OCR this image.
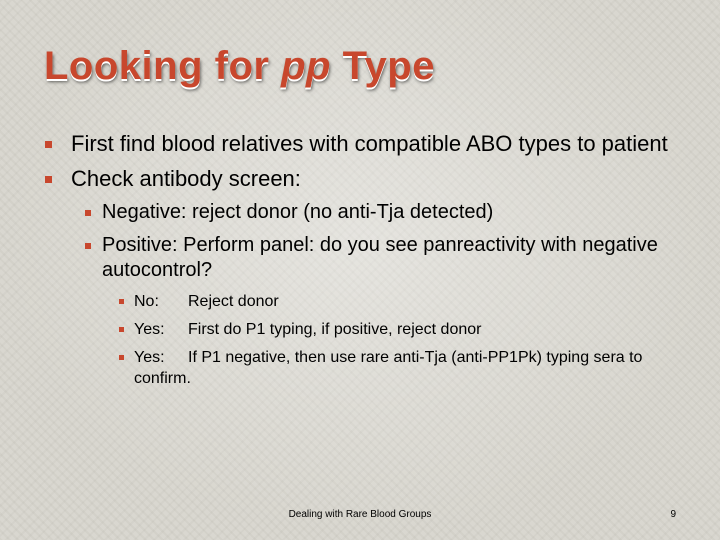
Looking for pp Type
First find blood relatives with compatible ABO types to patient
Check antibody screen:
Negative: reject donor (no anti-Tja detected)
Positive: Perform panel: do you see panreactivity with negative autocontrol?
No: Reject donor
Yes: First do P1 typing, if positive, reject donor
Yes: If P1 negative, then use rare anti-Tja (anti-PP1Pk) typing sera to confirm.
Dealing with Rare Blood Groups	9
